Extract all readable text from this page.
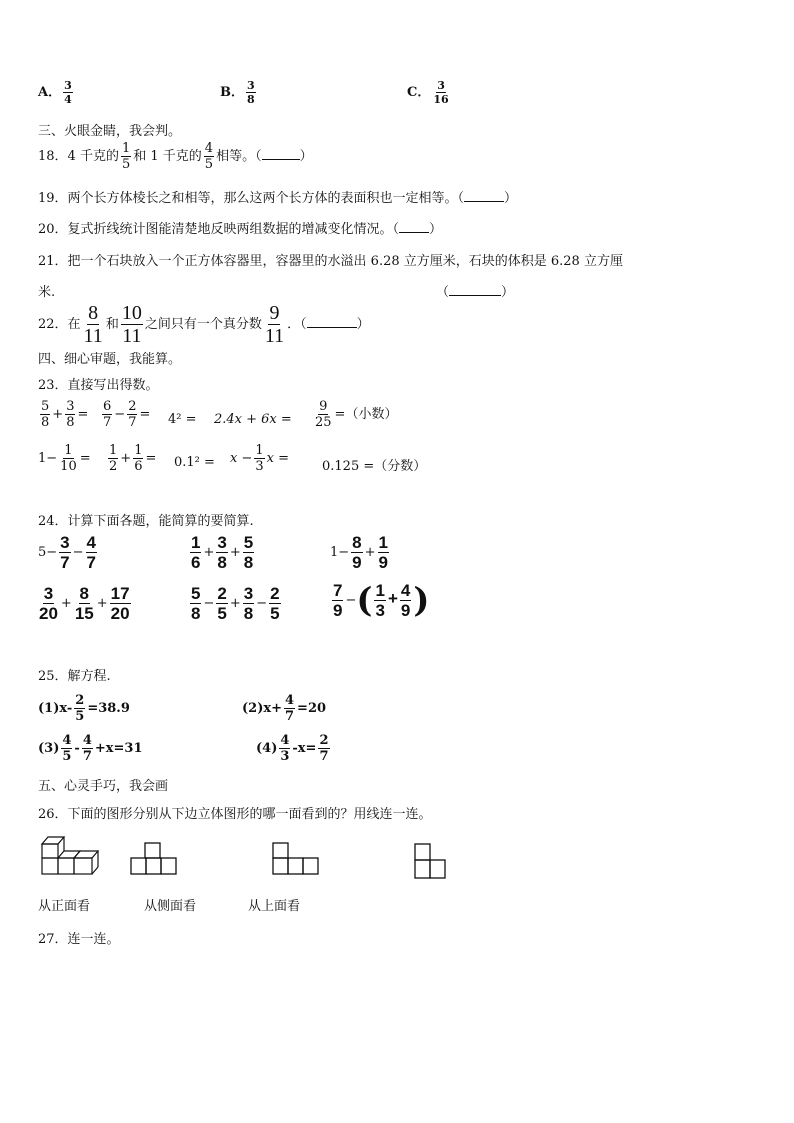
A． $\frac{3}{4}$	B． $\frac{3}{8}$	C． $\frac{3}{16}$
三、火眼金睛，我会判。
18．4 千克的 $\frac{1}{5}$ 和 1 千克的 $\frac{4}{5}$ 相等。（	）
19．两个长方体棱长之和相等，那么这两个长方体的表面积也一定相等。（	）
20．复式折线统计图能清楚地反映两组数据的增减变化情况。（ ）
21．把一个石块放入一个正方体容器里，容器里的水溢出 6.28 立方厘米，石块的体积是 6.28 立方厘
米.	（	）
22．在 $\frac{8}{11}$ 和 $\frac{10}{11}$ 之间只有一个真分数 $\frac{9}{11}$ ．（	）
四、细心审题，我能算。
23．直接写出得数。
$\frac{5}{8} + \frac{3}{8} = \frac{6}{7} - \frac{2}{7} = 4^2 = 2.4x + 6x = \frac{9}{25}$ =（小数）
$1- \frac{1}{10} = \frac{1}{2} + \frac{1}{6} = 0.1^2 = x - \frac{1}{3}$ x =
0.125 =（分数）
24．计算下面各题，能简算的要简算.
$5- \frac{3}{7} - \frac{4}{7}$	$\frac{1}{6} + \frac{3}{8} + \frac{5}{8}$	$1- \frac{8}{9} + \frac{1}{9}$
$\frac{3}{20} + \frac{8}{15} + \frac{17}{20}$	$\frac{5}{8} - \frac{2}{5} + \frac{3}{8} - \frac{2}{5}$	$\frac{7}{9}$ −( $\frac{1}{3} + \frac{4}{9}$ )
25．解方程.
$(1)x- \frac{2}{5} =38.9$	$(2)x+ \frac{4}{7} =20$
$(3) \frac{4}{5} - \frac{4}{7} +x=31$	$(4) \frac{4}{3} -x= \frac{2}{7}$
五、心灵手巧，我会画
26．下面的图形分别从下边立体图形的哪一面看到的？用线连一连。
从正面看	从侧面看	从上面看
27．连一连。
